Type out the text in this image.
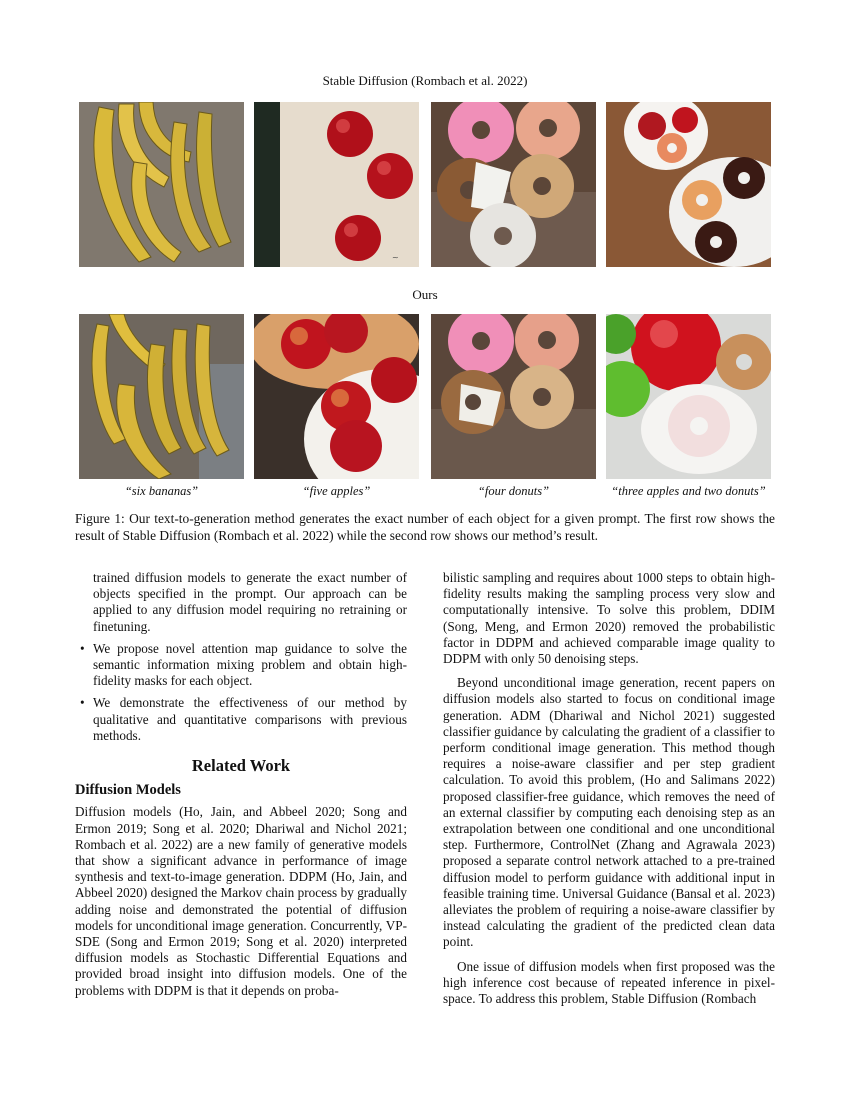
Stable Diffusion (Rombach et al. 2022)
~
Ours
“six bananas”	“five apples”	“four donuts”	“three apples and two donuts”
Figure 1: Our text-to-generation method generates the exact number of each object for a given prompt. The first row shows the result of Stable Diffusion (Rombach et al. 2022) while the second row shows our method’s result.

trained diffusion models to generate the exact number of objects specified in the prompt. Our approach can be applied to any diffusion model requiring no retraining or finetuning.

• We propose novel attention map guidance to solve the semantic information mixing problem and obtain high-fidelity masks for each object.
• We demonstrate the effectiveness of our method by qualitative and quantitative comparisons with previous methods.
Related Work
Diffusion Models

Diffusion models (Ho, Jain, and Abbeel 2020; Song and Ermon 2019; Song et al. 2020; Dhariwal and Nichol 2021; Rombach et al. 2022) are a new family of generative models that show a significant advance in performance of image synthesis and text-to-image generation. DDPM (Ho, Jain, and Abbeel 2020) designed the Markov chain process by gradually adding noise and demonstrated the potential of diffusion models for unconditional image generation. Concurrently, VP-SDE (Song and Ermon 2019; Song et al. 2020) interpreted diffusion models as Stochastic Differential Equations and provided broad insight into diffusion models. One of the problems with DDPM is that it depends on proba-

bilistic sampling and requires about 1000 steps to obtain high-fidelity results making the sampling process very slow and computationally intensive. To solve this problem, DDIM (Song, Meng, and Ermon 2020) removed the probabilistic factor in DDPM and achieved comparable image quality to DDPM with only 50 denoising steps.

Beyond unconditional image generation, recent papers on diffusion models also started to focus on conditional image generation. ADM (Dhariwal and Nichol 2021) suggested classifier guidance by calculating the gradient of a classifier to perform conditional image generation. This method though requires a noise-aware classifier and per step gradient calculation. To avoid this problem, (Ho and Salimans 2022) proposed classifier-free guidance, which removes the need of an external classifier by computing each denoising step as an extrapolation between one conditional and one unconditional step. Furthermore, ControlNet (Zhang and Agrawala 2023) proposed a separate control network attached to a pre-trained diffusion model to perform guidance with additional input in feasible training time. Universal Guidance (Bansal et al. 2023) alleviates the problem of requiring a noise-aware classifier by instead calculating the gradient of the predicted clean data point.

One issue of diffusion models when first proposed was the high inference cost because of repeated inference in pixel-space. To address this problem, Stable Diffusion (Rombach
